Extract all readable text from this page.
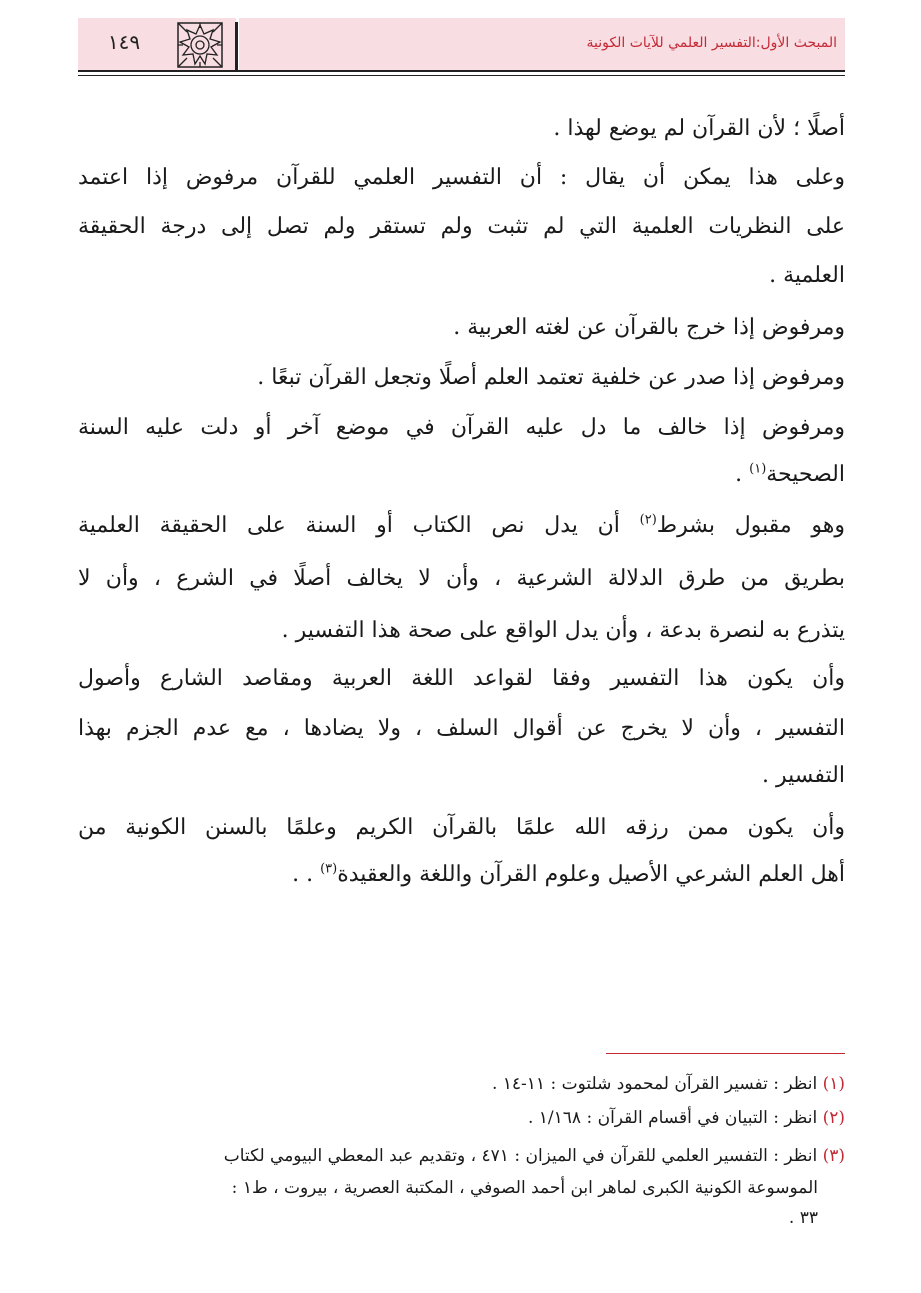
١٤٩	المبحث الأول:التفسير العلمي للآيات الكونية
أصلًا ؛ لأن القرآن لم يوضع لهذا .
وعلى هذا يمكن أن يقال : أن التفسير العلمي للقرآن مرفوض إذا اعتمد
على النظريات العلمية التي لم تثبت ولم تستقر ولم تصل إلى درجة الحقيقة
العلمية .
ومرفوض إذا خرج بالقرآن عن لغته العربية .
ومرفوض إذا صدر عن خلفية تعتمد العلم أصلًا وتجعل القرآن تبعًا .
ومرفوض إذا خالف ما دل عليه القرآن في موضع آخر أو دلت عليه السنة
الصحيحة$^{(١)}$ .
وهو مقبول بشرط$^{(٢)}$ أن يدل نص الكتاب أو السنة على الحقيقة العلمية
بطريق من طرق الدلالة الشرعية ، وأن لا يخالف أصلًا في الشرع ، وأن لا
يتذرع به لنصرة بدعة ، وأن يدل الواقع على صحة هذا التفسير .
وأن يكون هذا التفسير وفقا لقواعد اللغة العربية ومقاصد الشارع وأصول
التفسير ، وأن لا يخرج عن أقوال السلف ، ولا يضادها ، مع عدم الجزم بهذا
التفسير .
وأن يكون ممن رزقه الله علمًا بالقرآن الكريم وعلمًا بالسنن الكونية من
أهل العلم الشرعي الأصيل وعلوم القرآن واللغة والعقيدة$^{(٣)}$ . .
(١) انظر : تفسير القرآن لمحمود شلتوت : ١١-١٤ .
(٢) انظر : التبيان في أقسام القرآن : ١/١٦٨ .
(٣) انظر : التفسير العلمي للقرآن في الميزان : ٤٧١ ، وتقديم عبد المعطي البيومي لكتاب
الموسوعة الكونية الكبرى لماهر ابن أحمد الصوفي ، المكتبة العصرية ، بيروت ، ط١ :
٣٣ .
